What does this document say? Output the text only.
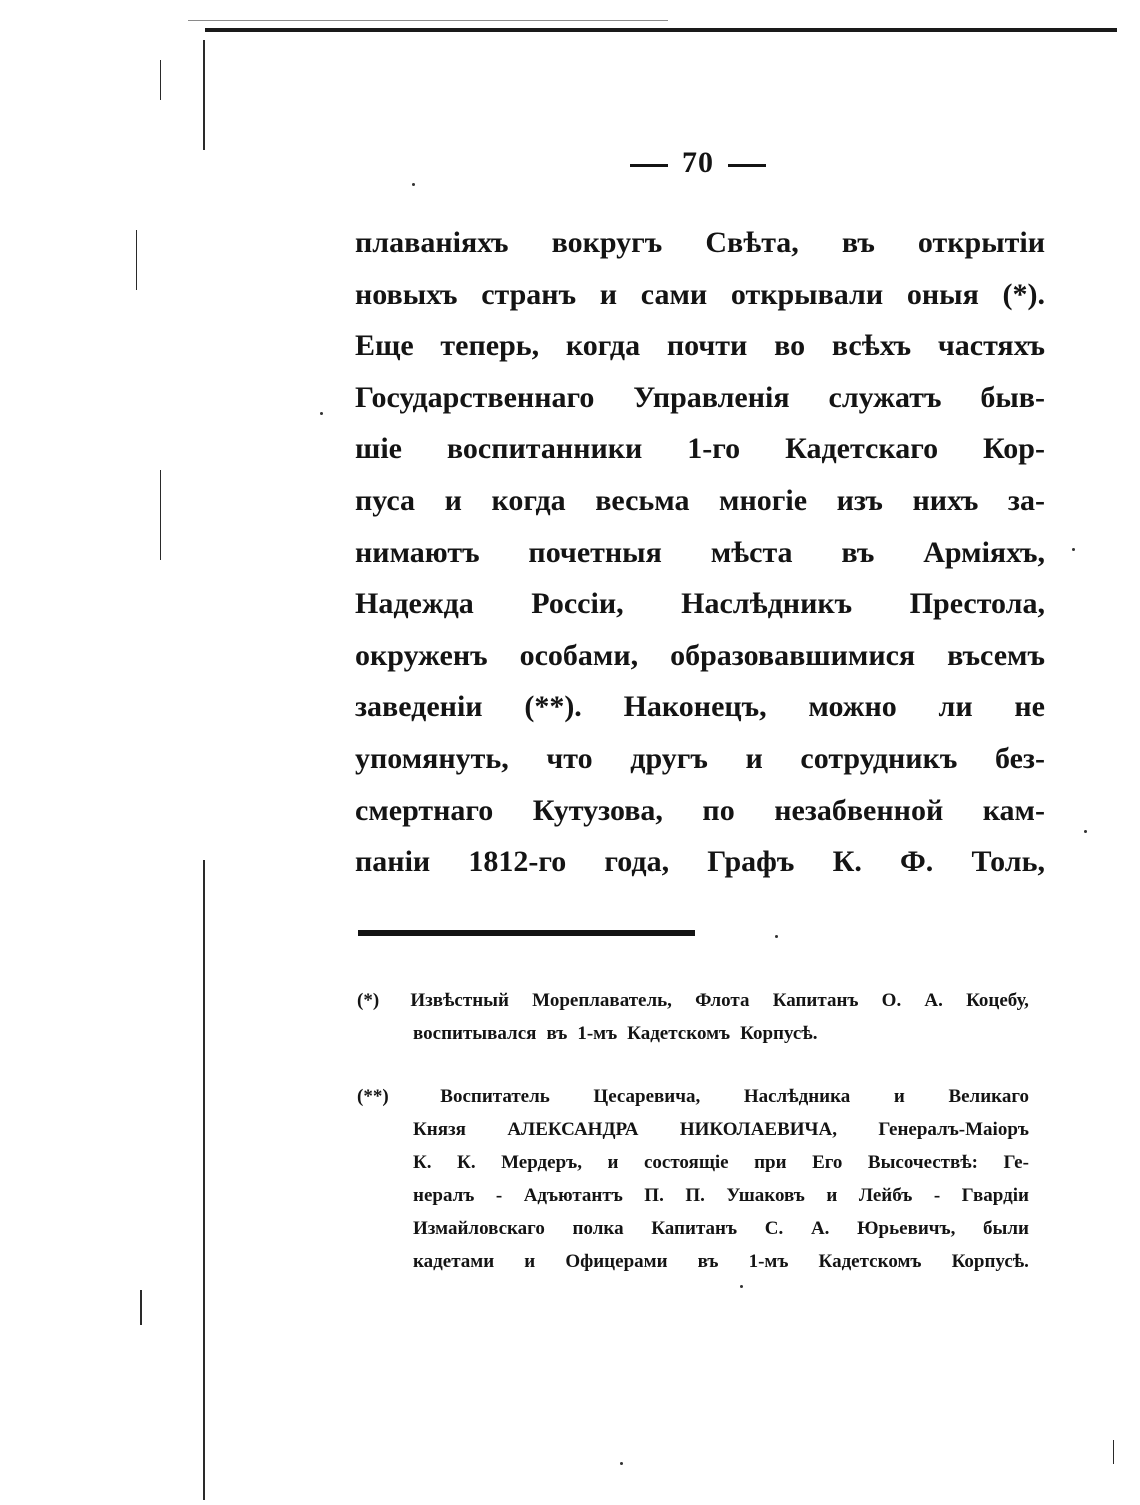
70
плаваніяхъ вокругъ Свѣта, въ открытіи
новыхъ странъ и сами открывали оныя (*).
Еще теперь, когда почти во всѣхъ частяхъ
Государственнаго Управленія служатъ быв-
шіе воспитанники 1-го Кадетскаго Кор-
пуса и когда весьма многіе изъ нихъ за-
нимаютъ почетныя мѣста въ Арміяхъ,
Надежда Россіи, Наслѣдникъ Престола,
окруженъ особами, образовавшимися въсемъ
заведеніи (**). Наконецъ, можно ли не
упомянуть, что другъ и сотрудникъ без-
смертнаго Кутузова, по незабвенной кам-
паніи 1812-го года, Графъ К. Ф. Толь,
(*) Извѣстный Мореплаватель, Флота Капитанъ О. А. Коцебу,
воспитывался въ 1-мъ Кадетскомъ Корпусѣ.
(**)	Воспитатель Цесаревича, Наслѣдника и Великаго
Князя АЛЕКСАНДРА НИКОЛАЕВИЧА, Генералъ-Маіоръ
К. К. Мердеръ, и состоящіе при Его Высочествѣ: Ге-
нералъ - Адъютантъ П. П. Ушаковъ и Лейбъ - Гвардіи
Измайловскаго полка Капитанъ С. А. Юрьевичъ, были
кадетами и Офицерами въ 1-мъ Кадетскомъ Корпусѣ.
